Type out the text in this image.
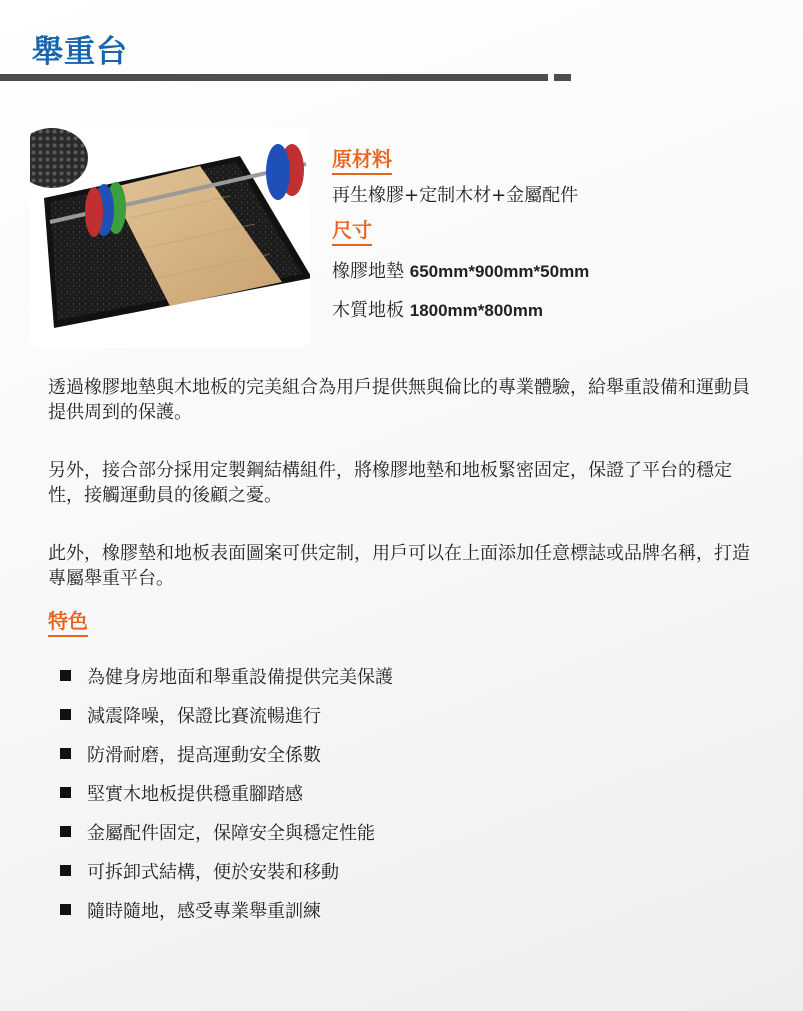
舉重台
原材料
再生橡膠+定制木材+金屬配件
尺寸
橡膠地墊 650mm*900mm*50mm
木質地板 1800mm*800mm

透過橡膠地墊與木地板的完美組合為用戶提供無與倫比的專業體驗，給舉重設備和運動員提供周到的保護。

另外，接合部分採用定製鋼結構組件，將橡膠地墊和地板緊密固定，保證了平台的穩定性，接觸運動員的後顧之憂。

此外，橡膠墊和地板表面圖案可供定制，用戶可以在上面添加任意標誌或品牌名稱，打造專屬舉重平台。

特色
為健身房地面和舉重設備提供完美保護
減震降噪，保證比賽流暢進行
防滑耐磨，提高運動安全係數
堅實木地板提供穩重腳踏感
金屬配件固定，保障安全與穩定性能
可拆卸式結構，便於安裝和移動
隨時隨地，感受專業舉重訓練
